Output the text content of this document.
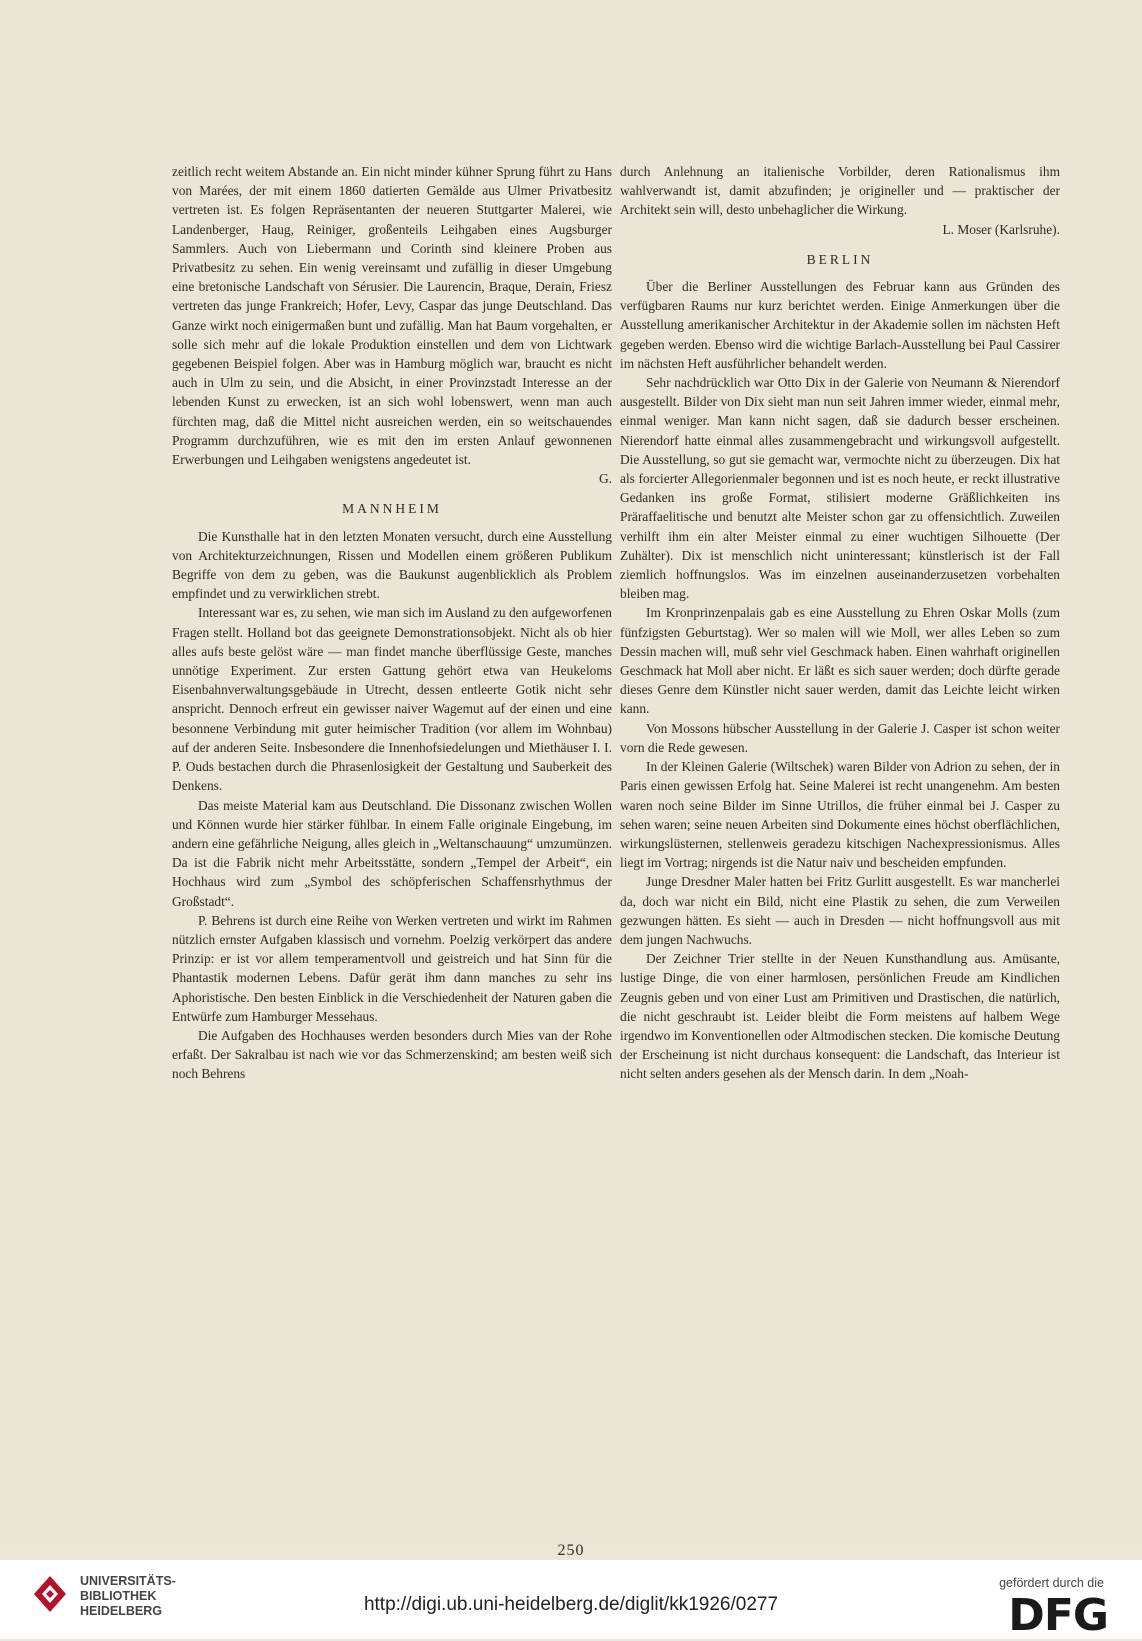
zeitlich recht weitem Abstande an. Ein nicht minder kühner Sprung führt zu Hans von Marées, der mit einem 1860 datierten Gemälde aus Ulmer Privatbesitz vertreten ist. Es folgen Repräsentanten der neueren Stuttgarter Malerei, wie Landenberger, Haug, Reiniger, großenteils Leihgaben eines Augsburger Sammlers. Auch von Liebermann und Corinth sind kleinere Proben aus Privatbesitz zu sehen. Ein wenig vereinsamt und zufällig in dieser Umgebung eine bretonische Landschaft von Sérusier. Die Laurencin, Braque, Derain, Friesz vertreten das junge Frankreich; Hofer, Levy, Caspar das junge Deutschland. Das Ganze wirkt noch einigermaßen bunt und zufällig. Man hat Baum vorgehalten, er solle sich mehr auf die lokale Produktion einstellen und dem von Lichtwark gegebenen Beispiel folgen. Aber was in Hamburg möglich war, braucht es nicht auch in Ulm zu sein, und die Absicht, in einer Provinzstadt Interesse an der lebenden Kunst zu erwecken, ist an sich wohl lobenswert, wenn man auch fürchten mag, daß die Mittel nicht ausreichen werden, ein so weitschauendes Programm durchzuführen, wie es mit den im ersten Anlauf gewonnenen Erwerbungen und Leihgaben wenigstens angedeutet ist.

G.

MANNHEIM

Die Kunsthalle hat in den letzten Monaten versucht, durch eine Ausstellung von Architekturzeichnungen, Rissen und Modellen einem größeren Publikum Begriffe von dem zu geben, was die Baukunst augenblicklich als Problem empfindet und zu verwirklichen strebt.

Interessant war es, zu sehen, wie man sich im Ausland zu den aufgeworfenen Fragen stellt. Holland bot das geeignete Demonstrationsobjekt. Nicht als ob hier alles aufs beste gelöst wäre — man findet manche überflüssige Geste, manches unnötige Experiment. Zur ersten Gattung gehört etwa van Heukeloms Eisenbahnverwaltungsgebäude in Utrecht, dessen entleerte Gotik nicht sehr anspricht. Dennoch erfreut ein gewisser naiver Wagemut auf der einen und eine besonnene Verbindung mit guter heimischer Tradition (vor allem im Wohnbau) auf der anderen Seite. Insbesondere die Innenhofsiedelungen und Miethäuser I. I. P. Ouds bestachen durch die Phrasenlosigkeit der Gestaltung und Sauberkeit des Denkens.

Das meiste Material kam aus Deutschland. Die Dissonanz zwischen Wollen und Können wurde hier stärker fühlbar. In einem Falle originale Eingebung, im andern eine gefährliche Neigung, alles gleich in „Weltanschauung“ umzumünzen. Da ist die Fabrik nicht mehr Arbeitsstätte, sondern „Tempel der Arbeit“, ein Hochhaus wird zum „Symbol des schöpferischen Schaffensrhythmus der Großstadt“.

P. Behrens ist durch eine Reihe von Werken vertreten und wirkt im Rahmen nützlich ernster Aufgaben klassisch und vornehm. Poelzig verkörpert das andere Prinzip: er ist vor allem temperamentvoll und geistreich und hat Sinn für die Phantastik modernen Lebens. Dafür gerät ihm dann manches zu sehr ins Aphoristische. Den besten Einblick in die Verschiedenheit der Naturen gaben die Entwürfe zum Hamburger Messehaus.

Die Aufgaben des Hochhauses werden besonders durch Mies van der Rohe erfaßt. Der Sakralbau ist nach wie vor das Schmerzenskind; am besten weiß sich noch Behrens

durch Anlehnung an italienische Vorbilder, deren Rationalismus ihm wahlverwandt ist, damit abzufinden; je origineller und — praktischer der Architekt sein will, desto unbehaglicher die Wirkung.

L. Moser (Karlsruhe).

BERLIN

Über die Berliner Ausstellungen des Februar kann aus Gründen des verfügbaren Raums nur kurz berichtet werden. Einige Anmerkungen über die Ausstellung amerikanischer Architektur in der Akademie sollen im nächsten Heft gegeben werden. Ebenso wird die wichtige Barlach-Ausstellung bei Paul Cassirer im nächsten Heft ausführlicher behandelt werden.

Sehr nachdrücklich war Otto Dix in der Galerie von Neumann & Nierendorf ausgestellt. Bilder von Dix sieht man nun seit Jahren immer wieder, einmal mehr, einmal weniger. Man kann nicht sagen, daß sie dadurch besser erscheinen. Nierendorf hatte einmal alles zusammengebracht und wirkungsvoll aufgestellt. Die Ausstellung, so gut sie gemacht war, vermochte nicht zu überzeugen. Dix hat als forcierter Allegorienmaler begonnen und ist es noch heute, er reckt illustrative Gedanken ins große Format, stilisiert moderne Gräßlichkeiten ins Präraffaelitische und benutzt alte Meister schon gar zu offensichtlich. Zuweilen verhilft ihm ein alter Meister einmal zu einer wuchtigen Silhouette (Der Zuhälter). Dix ist menschlich nicht uninteressant; künstlerisch ist der Fall ziemlich hoffnungslos. Was im einzelnen auseinanderzusetzen vorbehalten bleiben mag.

Im Kronprinzenpalais gab es eine Ausstellung zu Ehren Oskar Molls (zum fünfzigsten Geburtstag). Wer so malen will wie Moll, wer alles Leben so zum Dessin machen will, muß sehr viel Geschmack haben. Einen wahrhaft originellen Geschmack hat Moll aber nicht. Er läßt es sich sauer werden; doch dürfte gerade dieses Genre dem Künstler nicht sauer werden, damit das Leichte leicht wirken kann.

Von Mossons hübscher Ausstellung in der Galerie J. Casper ist schon weiter vorn die Rede gewesen.

In der Kleinen Galerie (Wiltschek) waren Bilder von Adrion zu sehen, der in Paris einen gewissen Erfolg hat. Seine Malerei ist recht unangenehm. Am besten waren noch seine Bilder im Sinne Utrillos, die früher einmal bei J. Casper zu sehen waren; seine neuen Arbeiten sind Dokumente eines höchst oberflächlichen, wirkungslüsternen, stellenweis geradezu kitschigen Nachexpressionismus. Alles liegt im Vortrag; nirgends ist die Natur naiv und bescheiden empfunden.

Junge Dresdner Maler hatten bei Fritz Gurlitt ausgestellt. Es war mancherlei da, doch war nicht ein Bild, nicht eine Plastik zu sehen, die zum Verweilen gezwungen hätten. Es sieht — auch in Dresden — nicht hoffnungsvoll aus mit dem jungen Nachwuchs.

Der Zeichner Trier stellte in der Neuen Kunsthandlung aus. Amüsante, lustige Dinge, die von einer harmlosen, persönlichen Freude am Kindlichen Zeugnis geben und von einer Lust am Primitiven und Drastischen, die natürlich, die nicht geschraubt ist. Leider bleibt die Form meistens auf halbem Wege irgendwo im Konventionellen oder Altmodischen stecken. Die komische Deutung der Erscheinung ist nicht durchaus konsequent: die Landschaft, das Interieur ist nicht selten anders gesehen als der Mensch darin. In dem „Noah-

250
UNIVERSITÄTS-
BIBLIOTHEK
HEIDELBERG	http://digi.ub.uni-heidelberg.de/diglit/kk1926/0277
gefördert durch die
DFG
